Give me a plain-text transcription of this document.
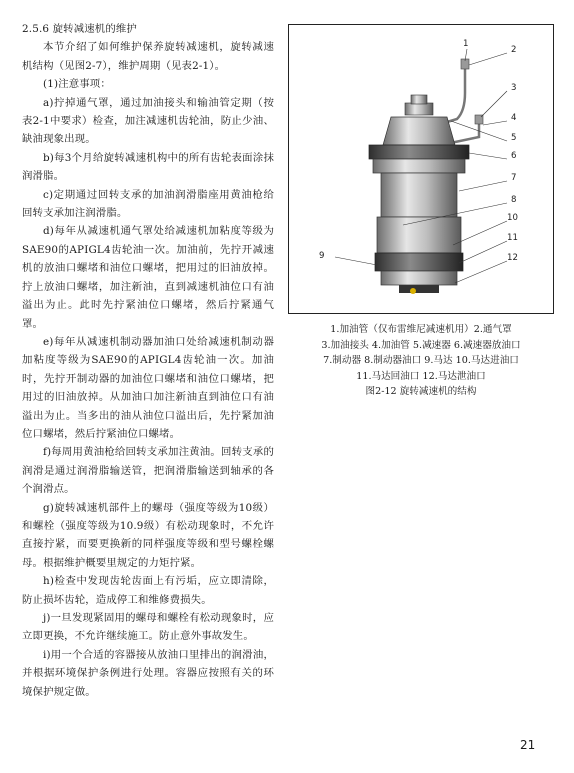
2.5.6 旋转减速机的维护

本节介绍了如何维护保养旋转减速机，旋转减速机结构（见图2-7），维护周期（见表2-1）。

(1)注意事项：

a)拧掉通气罩，通过加油接头和输油管定期（按表2-1中要求）检查，加注减速机齿轮油，防止少油、缺油现象出现。

b)每3个月给旋转减速机构中的所有齿轮表面涂抹润滑脂。

c)定期通过回转支承的加油润滑脂座用黄油枪给回转支承加注润滑脂。

d)每年从减速机通气罩处给减速机加粘度等级为SAE90的APIGL4齿轮油一次。加油前，先拧开减速机的放油口螺堵和油位口螺堵，把用过的旧油放掉。拧上放油口螺堵，加注新油，直到减速机油位口有油溢出为止。此时先拧紧油位口螺堵，然后拧紧通气罩。

e)每年从减速机制动器加油口处给减速机制动器加粘度等级为SAE90的APIGL4齿轮油一次。加油时，先拧开制动器的加油位口螺堵和油位口螺堵，把用过的旧油放掉。从加油口加注新油直到油位口有油溢出为止。当多出的油从油位口溢出后，先拧紧加油位口螺堵，然后拧紧油位口螺堵。

f)每周用黄油枪给回转支承加注黄油。回转支承的润滑是通过润滑脂输送管，把润滑脂输送到轴承的各个润滑点。

g)旋转减速机部件上的螺母（强度等级为10级）和螺栓（强度等级为10.9级）有松动现象时，不允许直接拧紧，而要更换新的同样强度等级和型号螺栓螺母。根据维护概要里规定的力矩拧紧。

h)检查中发现齿轮齿面上有污垢，应立即清除，防止损坏齿轮，造成停工和维修费损失。

j)一旦发现紧固用的螺母和螺栓有松动现象时，应立即更换，不允许继续施工。防止意外事故发生。

i)用一个合适的容器接从放油口里排出的润滑油，并根据环境保护条例进行处理。容器应按照有关的环境保护规定做。

1
2
3
4
5
6
7
8
9
10
11
12
1.加油管（仅布雷维尼减速机用）2.通气罩
3.加油接头 4.加油管 5.减速器 6.减速器放油口
7.制动器 8.制动器油口 9.马达 10.马达进油口
11.马达回油口 12.马达泄油口
图2-12 旋转减速机的结构
21
